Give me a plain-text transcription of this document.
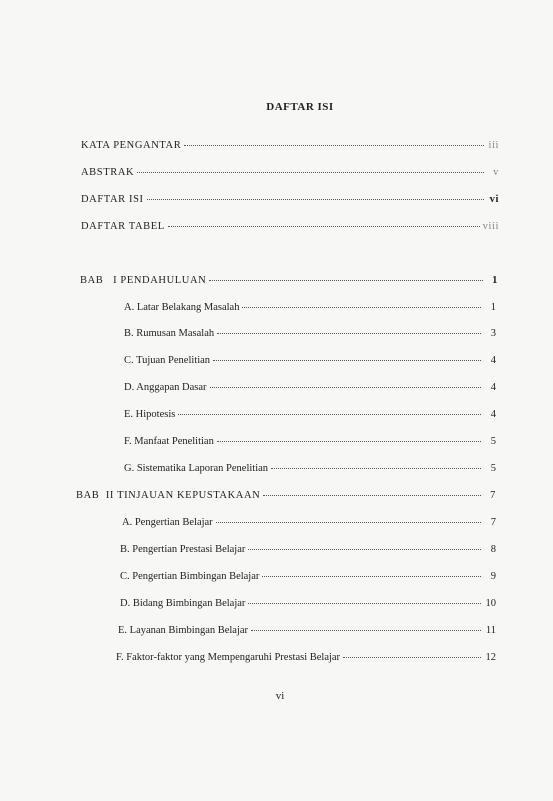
DAFTAR ISI
KATA PENGANTAR	iii
ABSTRAK	v
DAFTAR ISI	vi
DAFTAR TABEL	viii
BAB   I PENDAHULUAN	1
A. Latar Belakang Masalah	1
B. Rumusan Masalah	3
C. Tujuan Penelitian	4
D. Anggapan Dasar	4
E. Hipotesis	4
F. Manfaat Penelitian	5
G. Sistematika Laporan Penelitian	5
BAB  II TINJAUAN KEPUSTAKAAN	7
A. Pengertian Belajar	7
B. Pengertian Prestasi Belajar	8
C. Pengertian Bimbingan Belajar	9
D. Bidang Bimbingan Belajar	10
E. Layanan Bimbingan Belajar	11
F. Faktor-faktor yang Mempengaruhi Prestasi Belajar	12
vi
